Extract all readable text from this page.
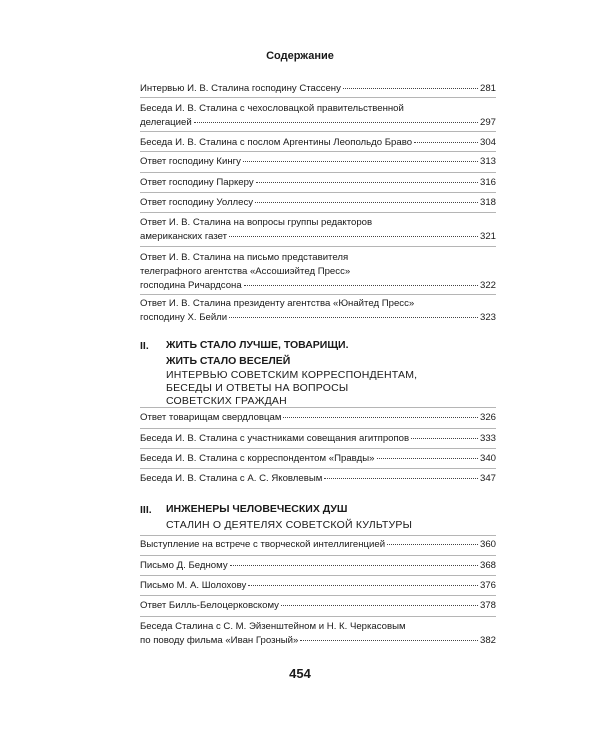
Содержание
Интервью И. В. Сталина господину Стассену	281
Беседа И. В. Сталина с чехословацкой правительственной
делегацией	297
Беседа И. В. Сталина с послом Аргентины Леопольдо Браво	304
Ответ господину Кингу	313
Ответ господину Паркеру	316
Ответ господину Уоллесу	318
Ответ И. В. Сталина на вопросы группы редакторов
американских газет	321
Ответ И. В. Сталина на письмо представителя
телеграфного агентства «Ассошиэйтед Пресс»
господина Ричардсона	322
Ответ И. В. Сталина президенту агентства «Юнайтед Пресс»
господину Х. Бейли	323
II. ЖИТЬ СТАЛО ЛУЧШЕ, ТОВАРИЩИ.
ЖИТЬ СТАЛО ВЕСЕЛЕЙ
ИНТЕРВЬЮ СОВЕТСКИМ КОРРЕСПОНДЕНТАМ,
БЕСЕДЫ И ОТВЕТЫ НА ВОПРОСЫ
СОВЕТСКИХ ГРАЖДАН
Ответ товарищам свердловцам	326
Беседа И. В. Сталина с участниками совещания агитпропов	333
Беседа И. В. Сталина с корреспондентом «Правды»	340
Беседа И. В. Сталина с А. С. Яковлевым	347
III. ИНЖЕНЕРЫ ЧЕЛОВЕЧЕСКИХ ДУШ
СТАЛИН О ДЕЯТЕЛЯХ СОВЕТСКОЙ КУЛЬТУРЫ
Выступление на встрече с творческой интеллигенцией	360
Письмо Д. Бедному	368
Письмо М. А. Шолохову	376
Ответ Билль-Белоцерковскому	378
Беседа Сталина с С. М. Эйзенштейном и Н. К. Черкасовым
по поводу фильма «Иван Грозный»	382
454
